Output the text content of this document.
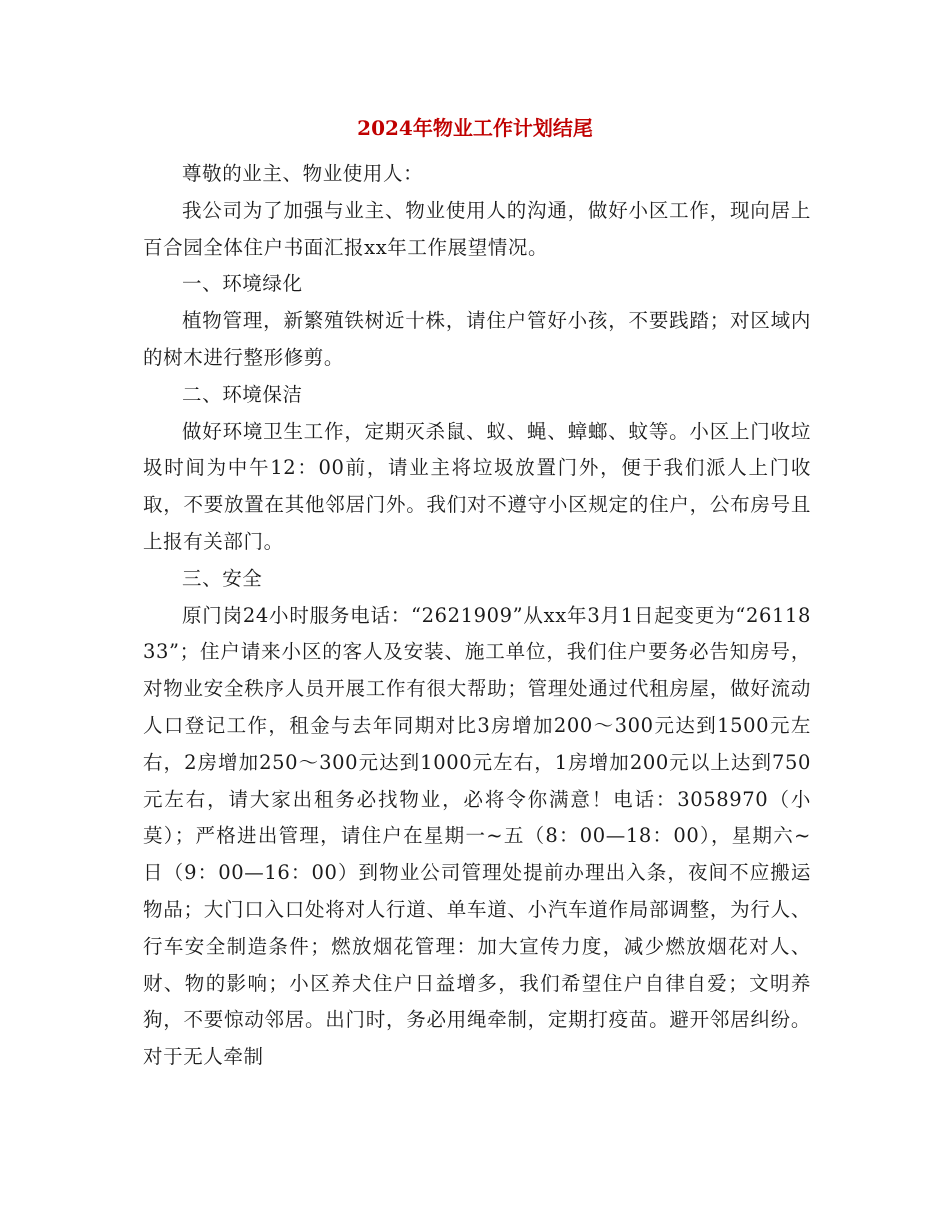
2024年物业工作计划结尾

尊敬的业主、物业使用人：

我公司为了加强与业主、物业使用人的沟通，做好小区工作，现向居上百合园全体住户书面汇报xx年工作展望情况。

一、环境绿化

植物管理，新繁殖铁树近十株，请住户管好小孩，不要践踏；对区域内的树木进行整形修剪。

二、环境保洁

做好环境卫生工作，定期灭杀鼠、蚁、蝇、蟑螂、蚊等。小区上门收垃圾时间为中午12：00前，请业主将垃圾放置门外，便于我们派人上门收取，不要放置在其他邻居门外。我们对不遵守小区规定的住户，公布房号且上报有关部门。

三、安全

原门岗24小时服务电话：“2621909”从xx年3月1日起变更为“2611833”；住户请来小区的客人及安装、施工单位，我们住户要务必告知房号，对物业安全秩序人员开展工作有很大帮助；管理处通过代租房屋，做好流动人口登记工作，租金与去年同期对比3房增加200～300元达到1500元左右，2房增加250～300元达到1000元左右，1房增加200元以上达到750元左右，请大家出租务必找物业，必将令你满意！电话：3058970（小莫）；严格进出管理，请住户在星期一~五（8：00—18：00），星期六~日（9：00—16：00）到物业公司管理处提前办理出入条，夜间不应搬运物品；大门口入口处将对人行道、单车道、小汽车道作局部调整，为行人、行车安全制造条件；燃放烟花管理：加大宣传力度，减少燃放烟花对人、财、物的影响；小区养犬住户日益增多，我们希望住户自律自爱；文明养狗，不要惊动邻居。出门时，务必用绳牵制，定期打疫苗。避开邻居纠纷。对于无人牵制
